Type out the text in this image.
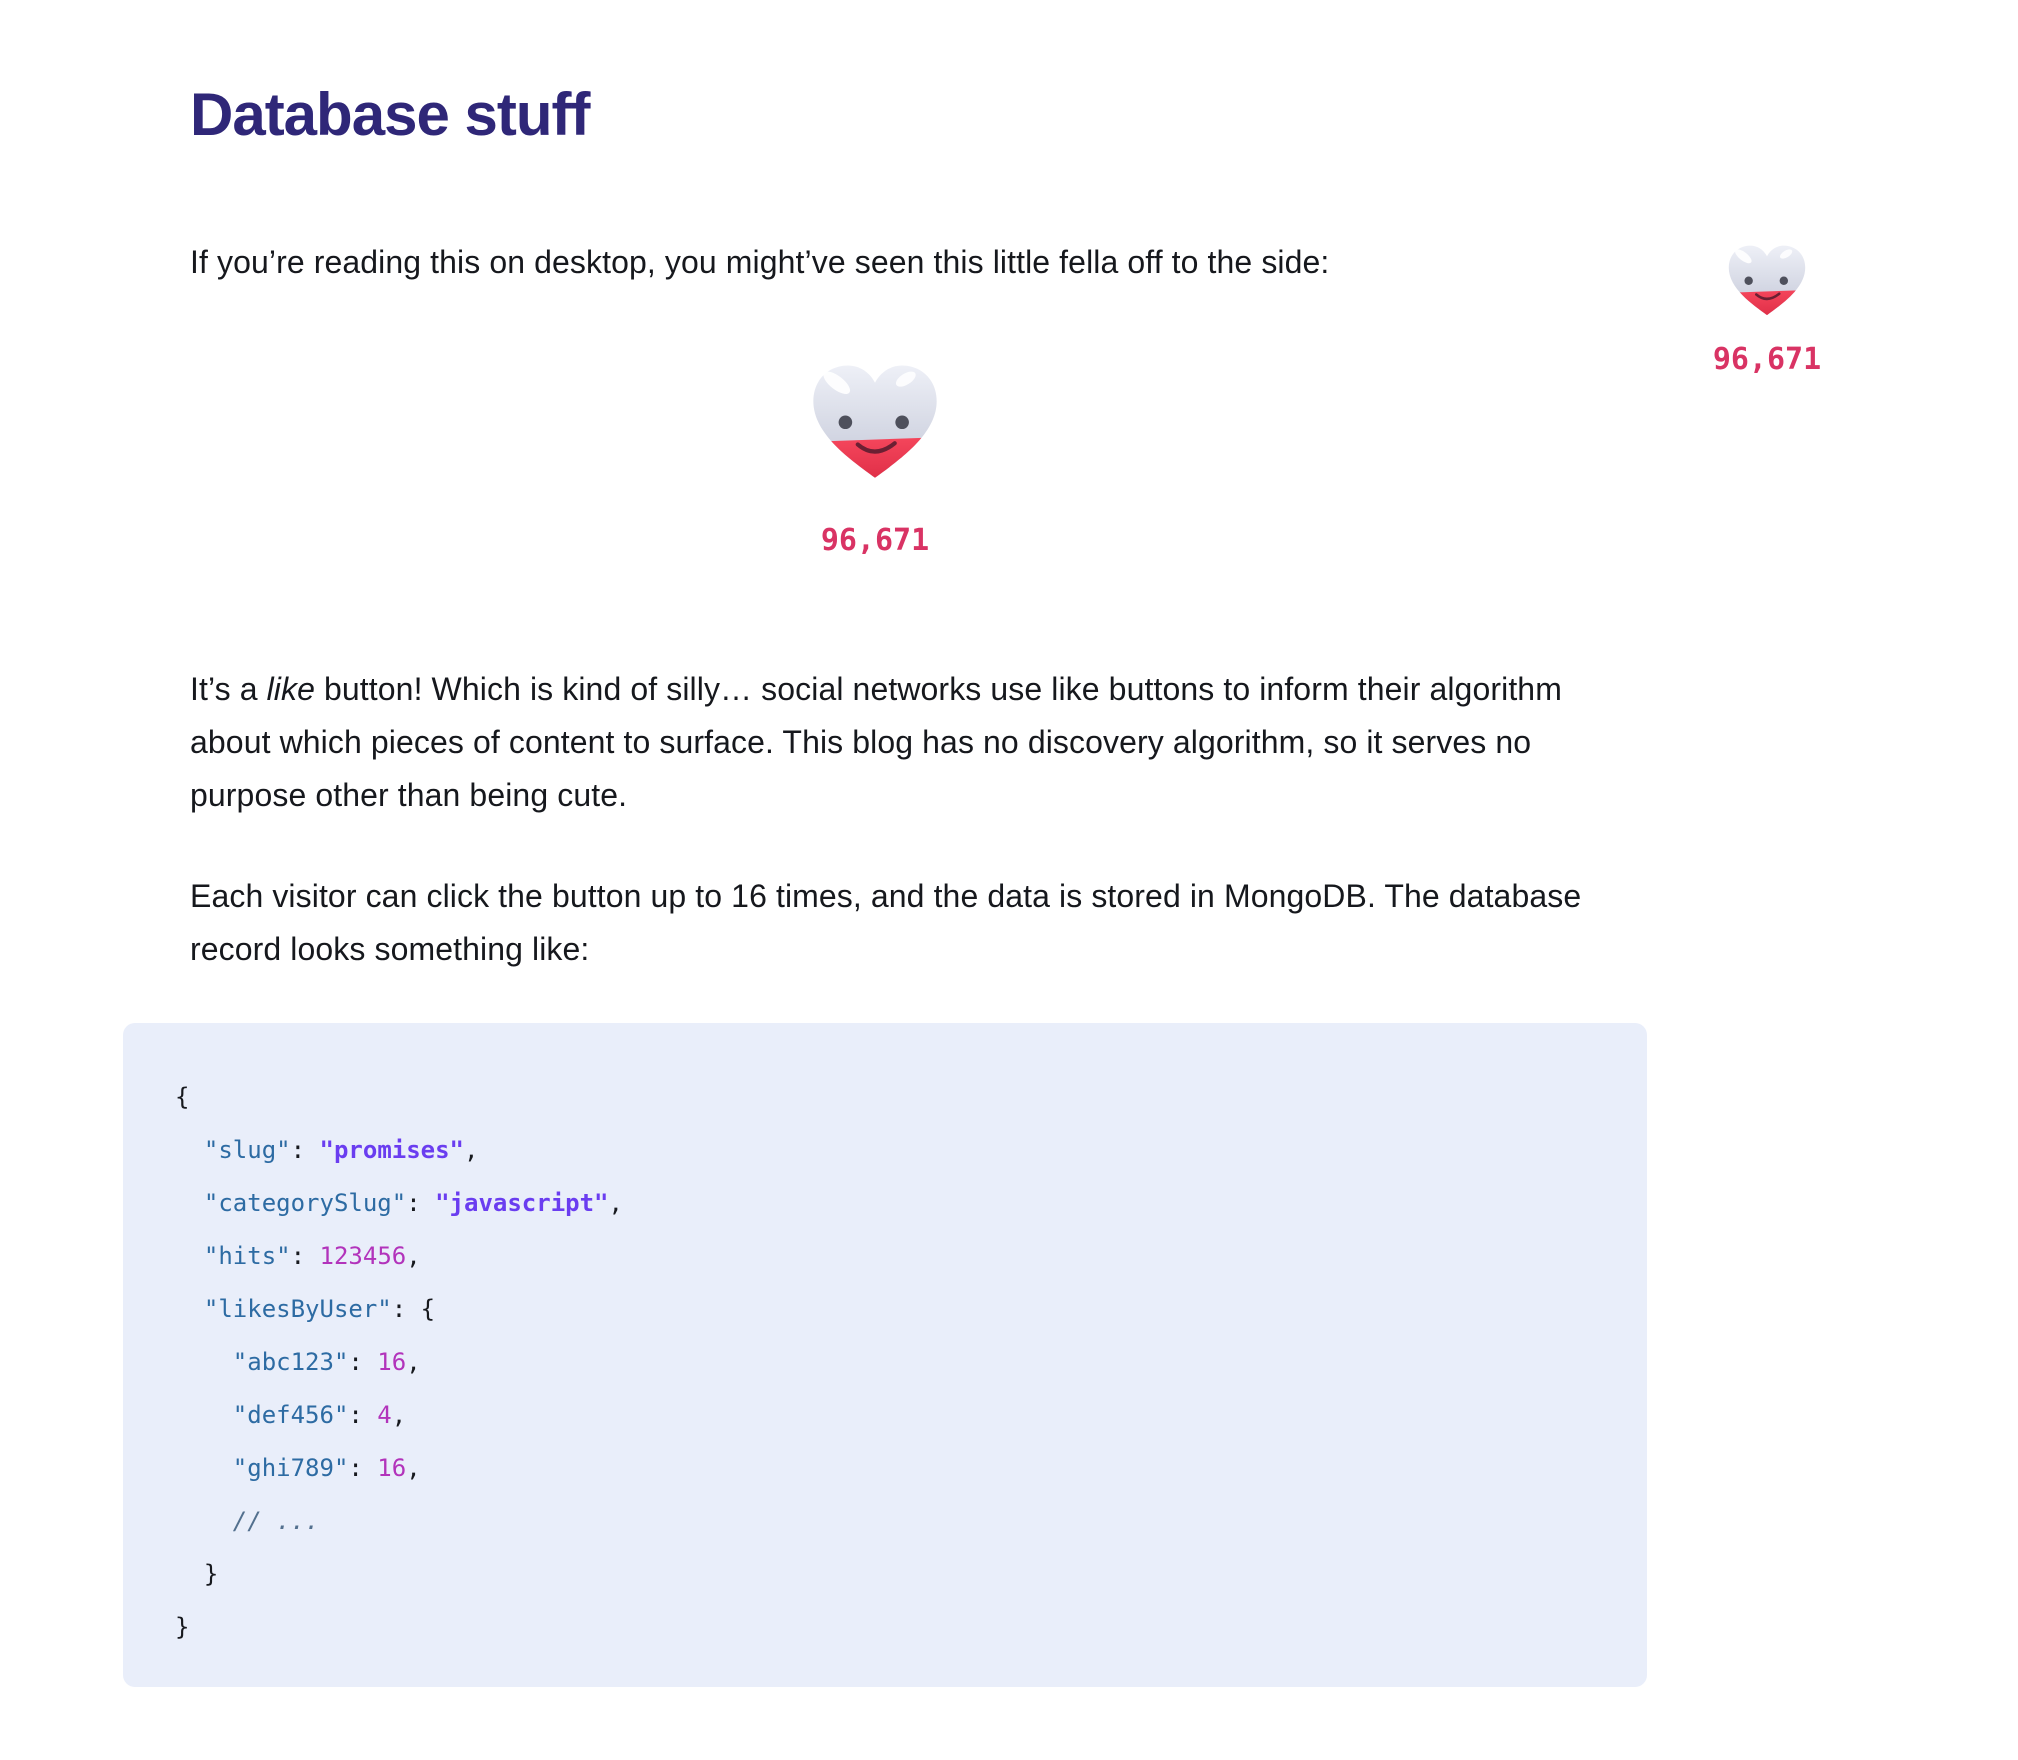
Database stuff

If you’re reading this on desktop, you might’ve seen this little fella off to the side:

96,671
96,671

It’s a like button! Which is kind of silly… social networks use like buttons to inform their algorithm about which pieces of content to surface. This blog has no discovery algorithm, so it serves no purpose other than being cute.

Each visitor can click the button up to 16 times, and the data is stored in MongoDB. The database record looks something like:

{
"slug": "promises",
"categorySlug": "javascript",
"hits": 123456,
"likesByUser": {
"abc123": 16,
"def456": 4,
"ghi789": 16,
// ...
}
}
